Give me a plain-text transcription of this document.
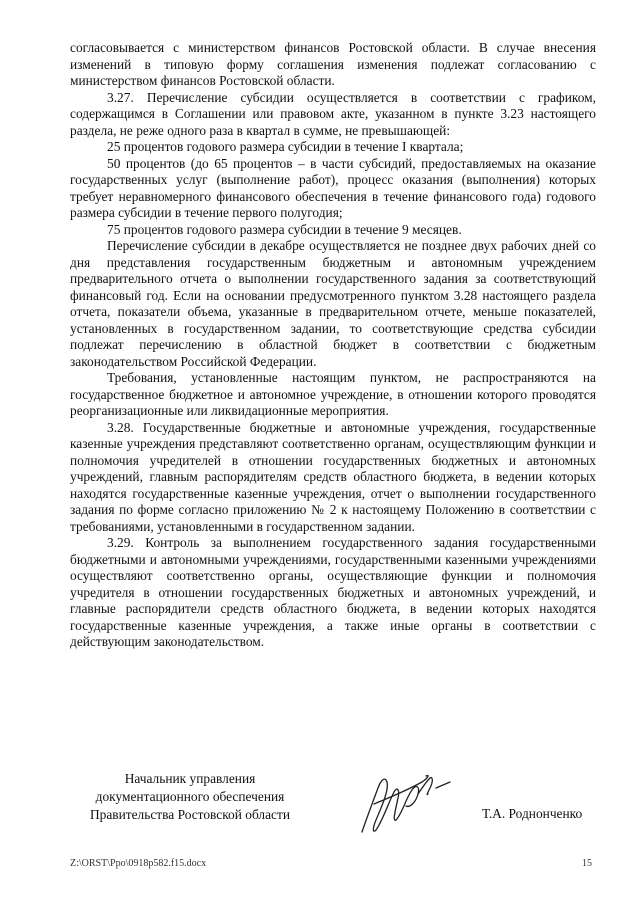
согласовывается с министерством финансов Ростовской области. В случае внесения изменений в типовую форму соглашения изменения подлежат согласованию с министерством финансов Ростовской области.

3.27. Перечисление субсидии осуществляется в соответствии с графиком, содержащимся в Соглашении или правовом акте, указанном в пункте 3.23 настоящего раздела, не реже одного раза в квартал в сумме, не превышающей:

25 процентов годового размера субсидии в течение I квартала;

50 процентов (до 65 процентов – в части субсидий, предоставляемых на оказание государственных услуг (выполнение работ), процесс оказания (выполнения) которых требует неравномерного финансового обеспечения в течение финансового года) годового размера субсидии в течение первого полугодия;

75 процентов годового размера субсидии в течение 9 месяцев.

Перечисление субсидии в декабре осуществляется не позднее двух рабочих дней со дня представления государственным бюджетным и автономным учреждением предварительного отчета о выполнении государственного задания за соответствующий финансовый год. Если на основании предусмотренного пунктом 3.28 настоящего раздела отчета, показатели объема, указанные в предварительном отчете, меньше показателей, установленных в государственном задании, то соответствующие средства субсидии подлежат перечислению в областной бюджет в соответствии с бюджетным законодательством Российской Федерации.

Требования, установленные настоящим пунктом, не распространяются на государственное бюджетное и автономное учреждение, в отношении которого проводятся реорганизационные или ликвидационные мероприятия.

3.28. Государственные бюджетные и автономные учреждения, государственные казенные учреждения представляют соответственно органам, осуществляющим функции и полномочия учредителей в отношении государственных бюджетных и автономных учреждений, главным распорядителям средств областного бюджета, в ведении которых находятся государственные казенные учреждения, отчет о выполнении государственного задания по форме согласно приложению № 2 к настоящему Положению в соответствии с требованиями, установленными в государственном задании.

3.29. Контроль за выполнением государственного задания государственными бюджетными и автономными учреждениями, государственными казенными учреждениями осуществляют соответственно органы, осуществляющие функции и полномочия учредителя в отношении государственных бюджетных и автономных учреждений, и главные распорядители средств областного бюджета, в ведении которых находятся государственные казенные учреждения, а также иные органы в соответствии с действующим законодательством.

Начальник управления
документационного обеспечения
Правительства Ростовской области	Т.А. Роднонченко
Z:\ORST\Ppo\0918p582.f15.docx	15
